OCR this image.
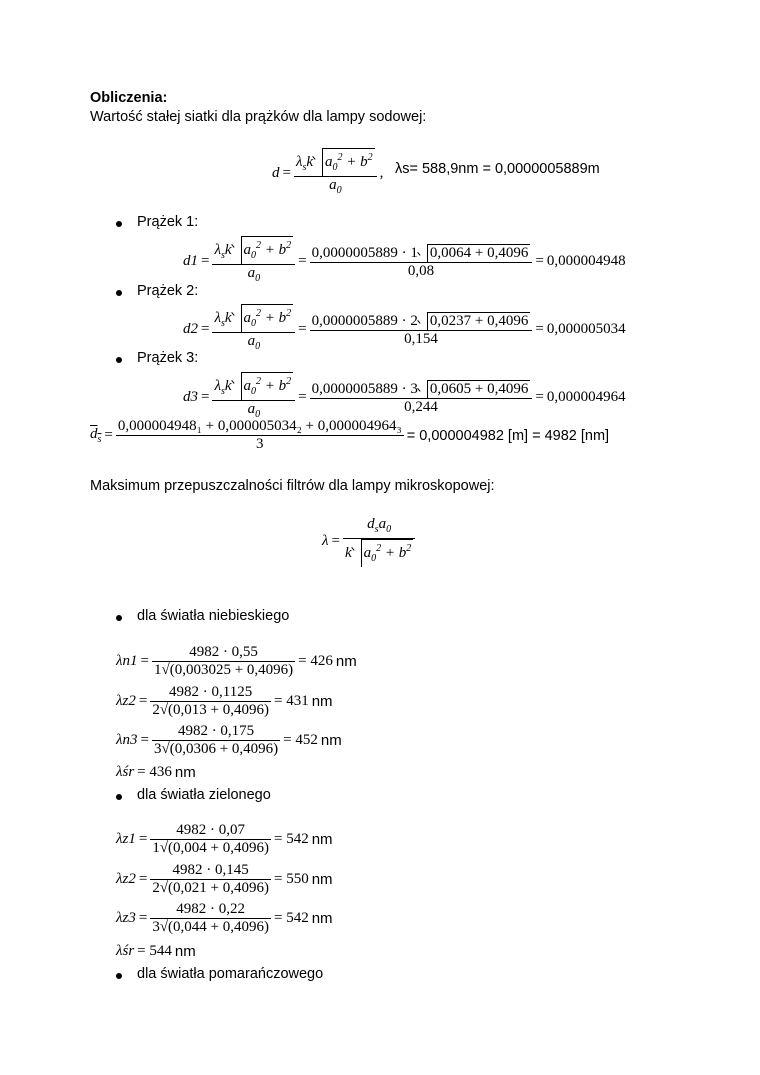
Obliczenia:
Wartość stałej siatki dla prążków dla lampy sodowej:
$d = \frac{\lambda_sk a_0^2 + b^2}{a_0}$ , λs= 588,9nm = 0,0000005889m
Prążek 1:
$d1 = \frac{\lambda_sk a_0^2 + b^2}{a_0} = \frac{0,0000005889 \cdot 1 0,0064 + 0,4096}{0,08} = 0,000004948$
Prążek 2:
$d2 = \frac{\lambda_sk a_0^2 + b^2}{a_0} = \frac{0,0000005889 \cdot 2 0,0237 + 0,4096}{0,154} = 0,000005034$
Prążek 3:
$d3 = \frac{\lambda_sk a_0^2 + b^2}{a_0} = \frac{0,0000005889 \cdot 3 0,0605 + 0,4096}{0,244} = 0,000004964$
$d_s = \frac{\text{0,000004948₁ + 0,000005034₂ + 0,000004964₃}}{3} = 0,000004982$ [m] = 4982 [nm]
Maksimum przepuszczalności filtrów dla lampy mikroskopowej:
$\lambda = \frac{d_sa_0}{k a_0^2 + b^2}$
dla światła niebieskiego
$\lambda n1 = \frac{4982 \cdot 0,55}{1√(0,003025 + 0,4096)} = 426$ nm
$\lambda z2 = \frac{4982 \cdot 0,1125}{2√(0,013 + 0,4096)} = 431$ nm
$\lambda n3 = \frac{4982 \cdot 0,175}{3√(0,0306 + 0,4096)} = 452$ nm
λśr = 436 nm
dla światła zielonego
$\lambda z1 = \frac{4982 \cdot 0,07}{1√(0,004 + 0,4096)} = 542$ nm
$\lambda z2 = \frac{4982 \cdot 0,145}{2√(0,021 + 0,4096)} = 550$ nm
$\lambda z3 = \frac{4982 \cdot 0,22}{3√(0,044 + 0,4096)} = 542$ nm
λśr = 544 nm
dla światła pomarańczowego
